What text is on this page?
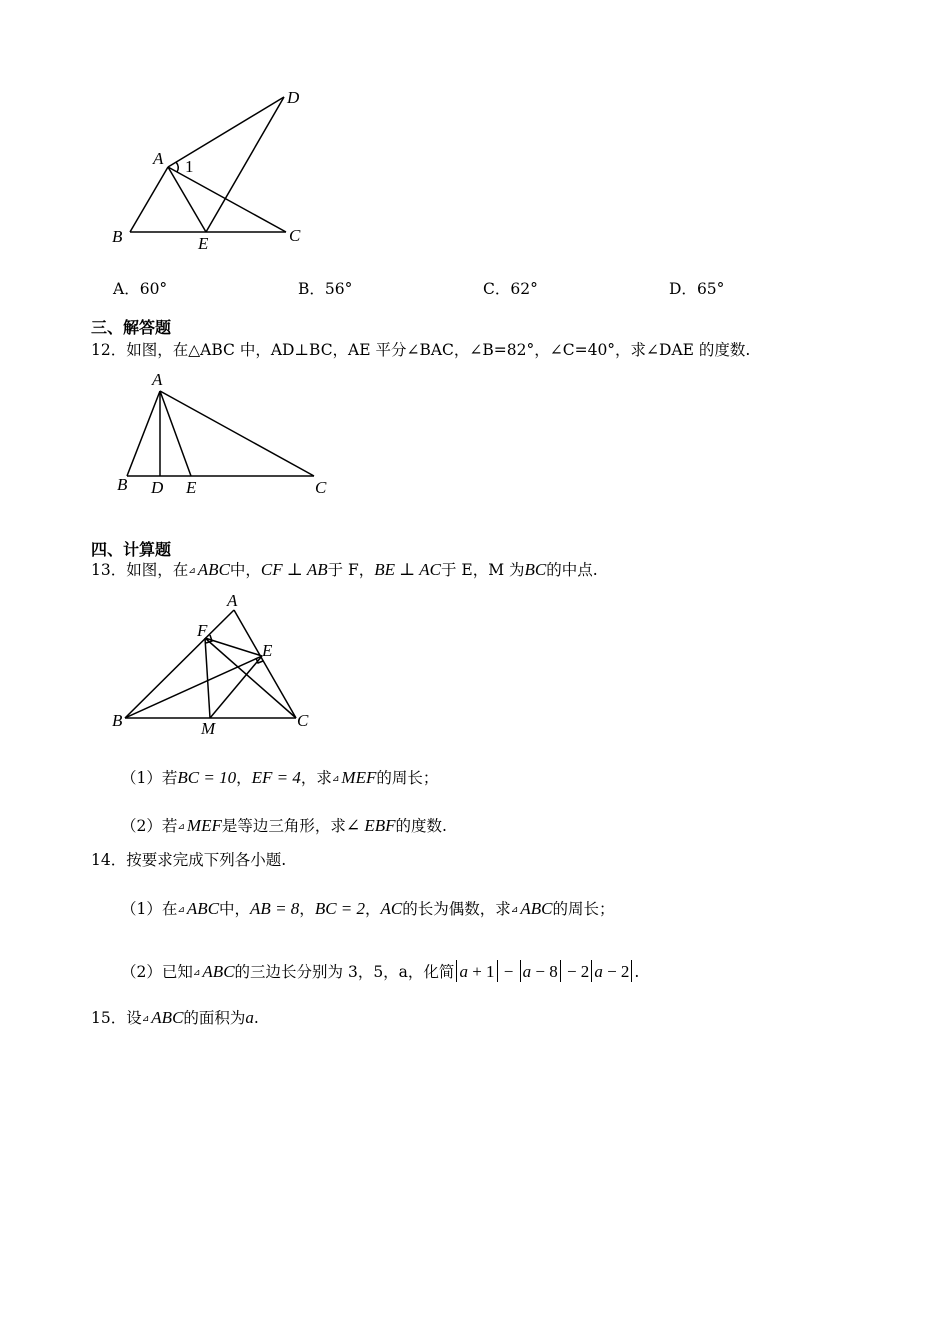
A 1
D
B	E	C
A．60°	B．56°	C．62°	D．65°
三、解答题
12．如图，在△ABC 中，AD⊥BC，AE 平分∠BAC，∠B=82°，∠C=40°，求∠DAE 的度数.
A
B D E	C
四、计算题
13．如图，在⊿ ABC中，CF ⊥ AB于 F，BE ⊥ AC于 E，M 为BC的中点.
A
F
E
B	M	C
（1）若BC = 10，EF = 4，求⊿ MEF的周长；
（2）若⊿ MEF是等边三角形，求∠ EBF的度数.
14．按要求完成下列各小题.
（1）在⊿ ABC中，AB = 8，BC = 2，AC的长为偶数，求⊿ ABC的周长；
（2）已知⊿ ABC的三边长分别为 3，5，a，化简 a + 1 − a − 8 − 2 a − 2 .
15．设⊿ ABC的面积为a.
